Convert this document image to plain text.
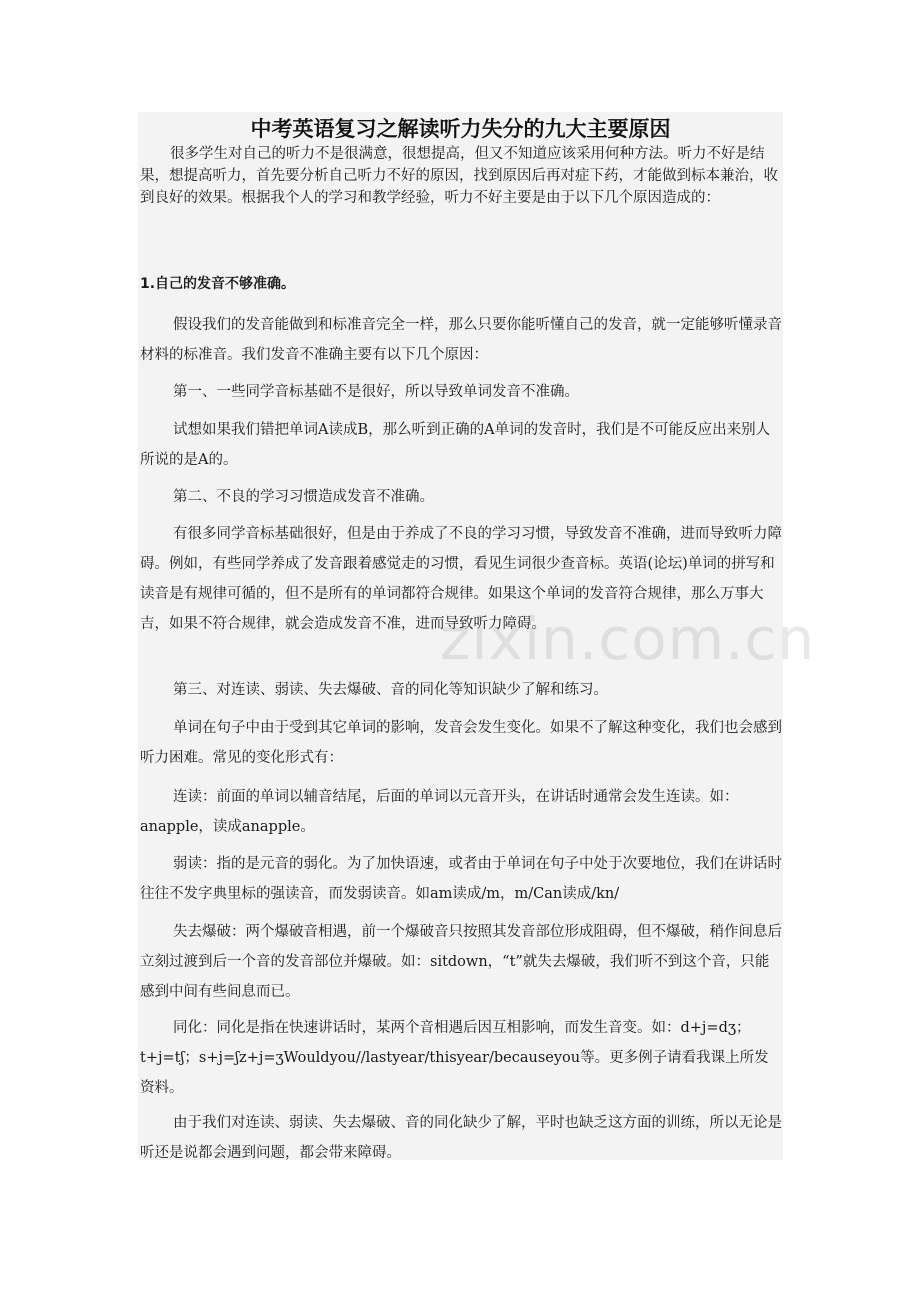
中考英语复习之解读听力失分的九大主要原因
很多学生对自己的听力不是很满意，很想提高，但又不知道应该采用何种方法。听力不好是结果，想提高听力，首先要分析自己听力不好的原因，找到原因后再对症下药，才能做到标本兼治，收到良好的效果。根据我个人的学习和教学经验，听力不好主要是由于以下几个原因造成的：
1.自己的发音不够准确。

假设我们的发音能做到和标准音完全一样，那么只要你能听懂自己的发音，就一定能够听懂录音材料的标准音。我们发音不准确主要有以下几个原因：

第一、一些同学音标基础不是很好，所以导致单词发音不准确。

试想如果我们错把单词A读成B，那么听到正确的A单词的发音时，我们是不可能反应出来别人所说的是A的。

第二、不良的学习习惯造成发音不准确。

有很多同学音标基础很好，但是由于养成了不良的学习习惯，导致发音不准确，进而导致听力障碍。例如，有些同学养成了发音跟着感觉走的习惯，看见生词很少查音标。英语(论坛)单词的拼写和读音是有规律可循的，但不是所有的单词都符合规律。如果这个单词的发音符合规律，那么万事大吉，如果不符合规律，就会造成发音不准，进而导致听力障碍。

第三、对连读、弱读、失去爆破、音的同化等知识缺少了解和练习。

单词在句子中由于受到其它单词的影响，发音会发生变化。如果不了解这种变化，我们也会感到听力困难。常见的变化形式有：

连读：前面的单词以辅音结尾，后面的单词以元音开头，在讲话时通常会发生连读。如：anapple，读成anapple。

弱读：指的是元音的弱化。为了加快语速，或者由于单词在句子中处于次要地位，我们在讲话时往往不发字典里标的强读音，而发弱读音。如am读成/m，m/Can读成/kn/

失去爆破：两个爆破音相遇，前一个爆破音只按照其发音部位形成阻碍，但不爆破，稍作间息后立刻过渡到后一个音的发音部位并爆破。如：sitdown，“t”就失去爆破，我们听不到这个音，只能感到中间有些间息而已。

同化：同化是指在快速讲话时，某两个音相遇后因互相影响，而发生音变。如：d+j=dʒ；t+j=tʃ；s+j=ʃz+j=ʒWouldyou//lastyear/thisyear/becauseyou等。更多例子请看我课上所发资料。

由于我们对连读、弱读、失去爆破、音的同化缺少了解，平时也缺乏这方面的训练，所以无论是听还是说都会遇到问题，都会带来障碍。

zixin.com.cn
